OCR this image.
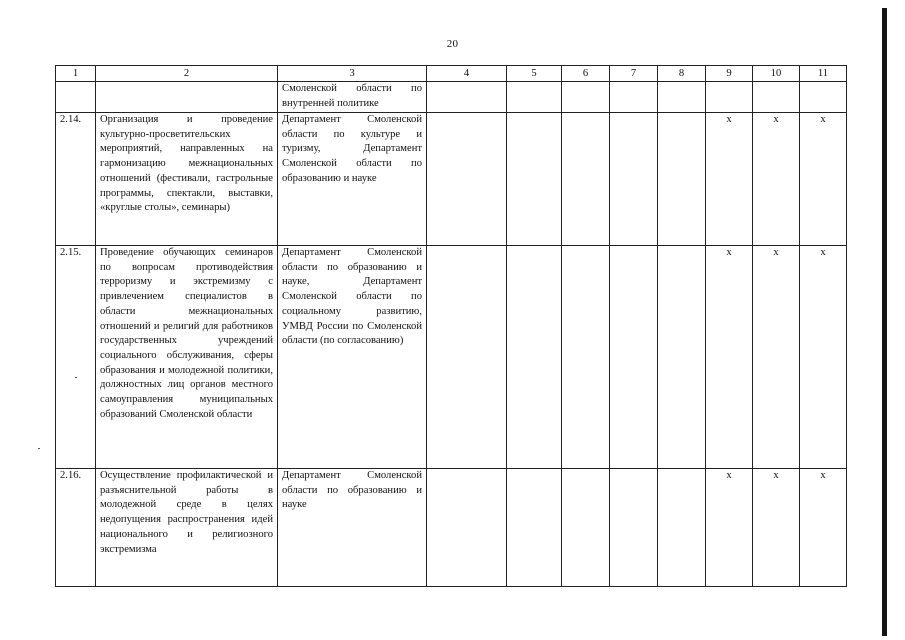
20
1	2	3	4	5	6	7	8	9	10	11
		Смоленской области по внутренней политике								
2.14.	Организация и проведение культурно-просветительских мероприятий, направленных на гармонизацию межнациональных отношений (фестивали, гастрольные программы, спектакли, выставки, «круглые столы», семинары)	Департамент Смоленской области по культуре и туризму, Департамент Смоленской области по образованию и науке						x	x	x
2.15.	Проведение обучающих семинаров по вопросам противодействия терроризму и экстремизму с привлечением специалистов в области межнациональных отношений и религий для работников государственных учреждений социального обслуживания, сферы образования и молодежной политики, должностных лиц органов местного самоуправления муниципальных образований Смоленской области	Департамент Смоленской области по образованию и науке, Департамент Смоленской области по социальному развитию, УМВД России по Смоленской области (по согласованию)						x	x	x
2.16.	Осуществление профилактической и разъяснительной работы в молодежной среде в целях недопущения распространения идей национального и религиозного экстремизма	Департамент Смоленской области по образованию и науке						x	x	x
